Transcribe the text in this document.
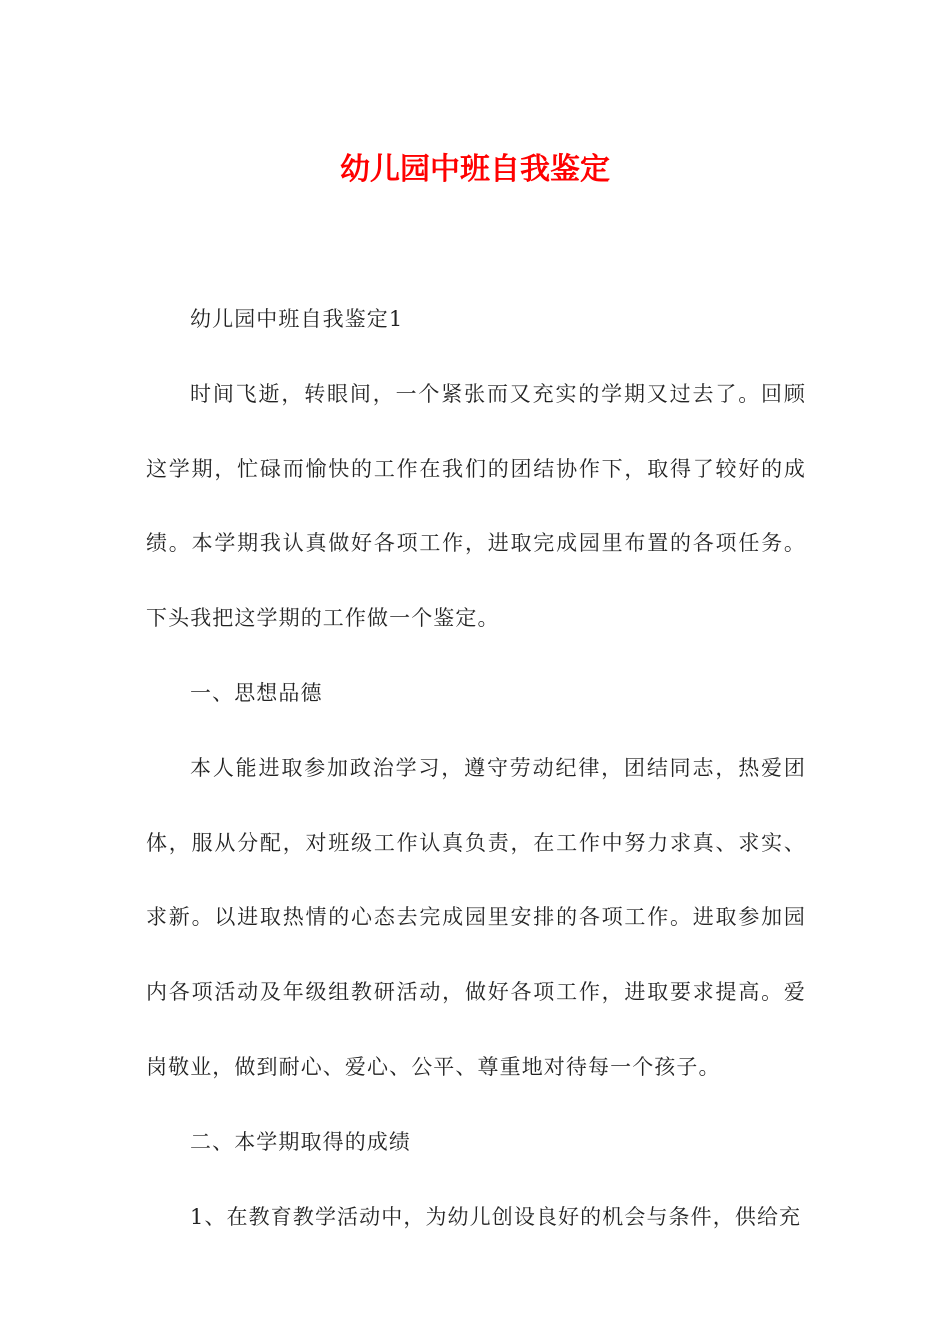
幼儿园中班自我鉴定

幼儿园中班自我鉴定1

时间飞逝，转眼间，一个紧张而又充实的学期又过去了。回顾这学期，忙碌而愉快的工作在我们的团结协作下，取得了较好的成绩。本学期我认真做好各项工作，进取完成园里布置的各项任务。下头我把这学期的工作做一个鉴定。

一、思想品德

本人能进取参加政治学习，遵守劳动纪律，团结同志，热爱团体，服从分配，对班级工作认真负责，在工作中努力求真、求实、求新。以进取热情的心态去完成园里安排的各项工作。进取参加园内各项活动及年级组教研活动，做好各项工作，进取要求提高。爱岗敬业，做到耐心、爱心、公平、尊重地对待每一个孩子。

二、本学期取得的成绩

1、在教育教学活动中，为幼儿创设良好的机会与条件，供给充
